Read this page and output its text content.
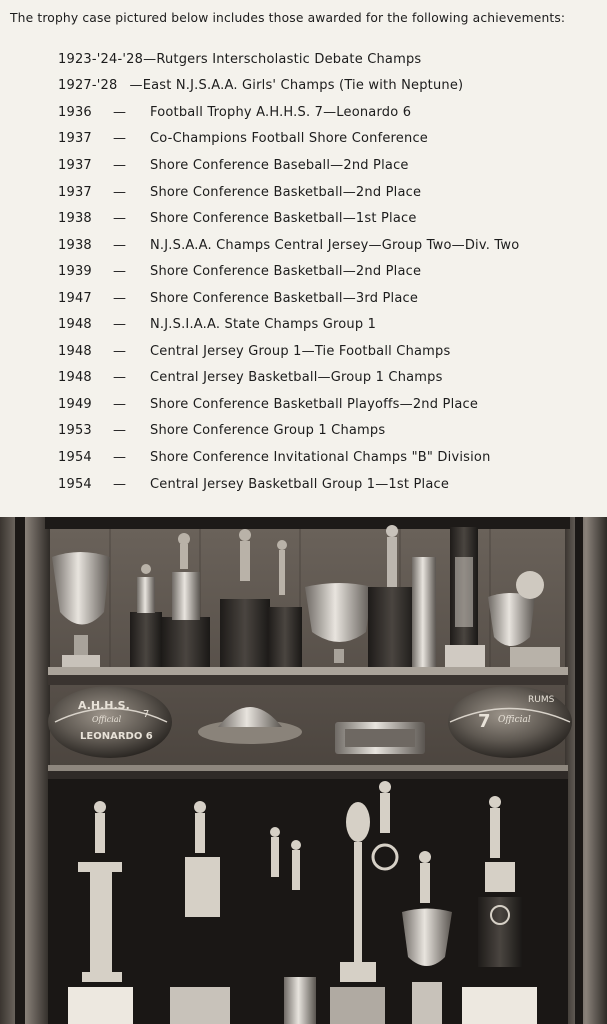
The trophy case pictured below includes those awarded for the following achievements:
1923-'24-'28 — Rutgers Interscholastic Debate Champs
1927-'28 — East N.J.S.A.A. Girls' Champs (Tie with Neptune)
1936	—	Football Trophy A.H.H.S. 7—Leonardo 6
1937	—	Co-Champions Football Shore Conference
1937	—	Shore Conference Baseball—2nd Place
1937	—	Shore Conference Basketball—2nd Place
1938	—	Shore Conference Basketball—1st Place
1938	—	N.J.S.A.A. Champs Central Jersey—Group Two—Div. Two
1939	—	Shore Conference Basketball—2nd Place
1947	—	Shore Conference Basketball—3rd Place
1948	—	N.J.S.I.A.A. State Champs Group 1
1948	—	Central Jersey Group 1—Tie Football Champs
1948	—	Central Jersey Basketball—Group 1 Champs
1949	—	Shore Conference Basketball Playoffs—2nd Place
1953	—	Shore Conference Group 1 Champs
1954	—	Shore Conference Invitational Champs "B" Division
1954	—	Central Jersey Basketball Group 1—1st Place
A.H.H.S.
Official
LEONARDO 6
7	7 Official
RUMS
